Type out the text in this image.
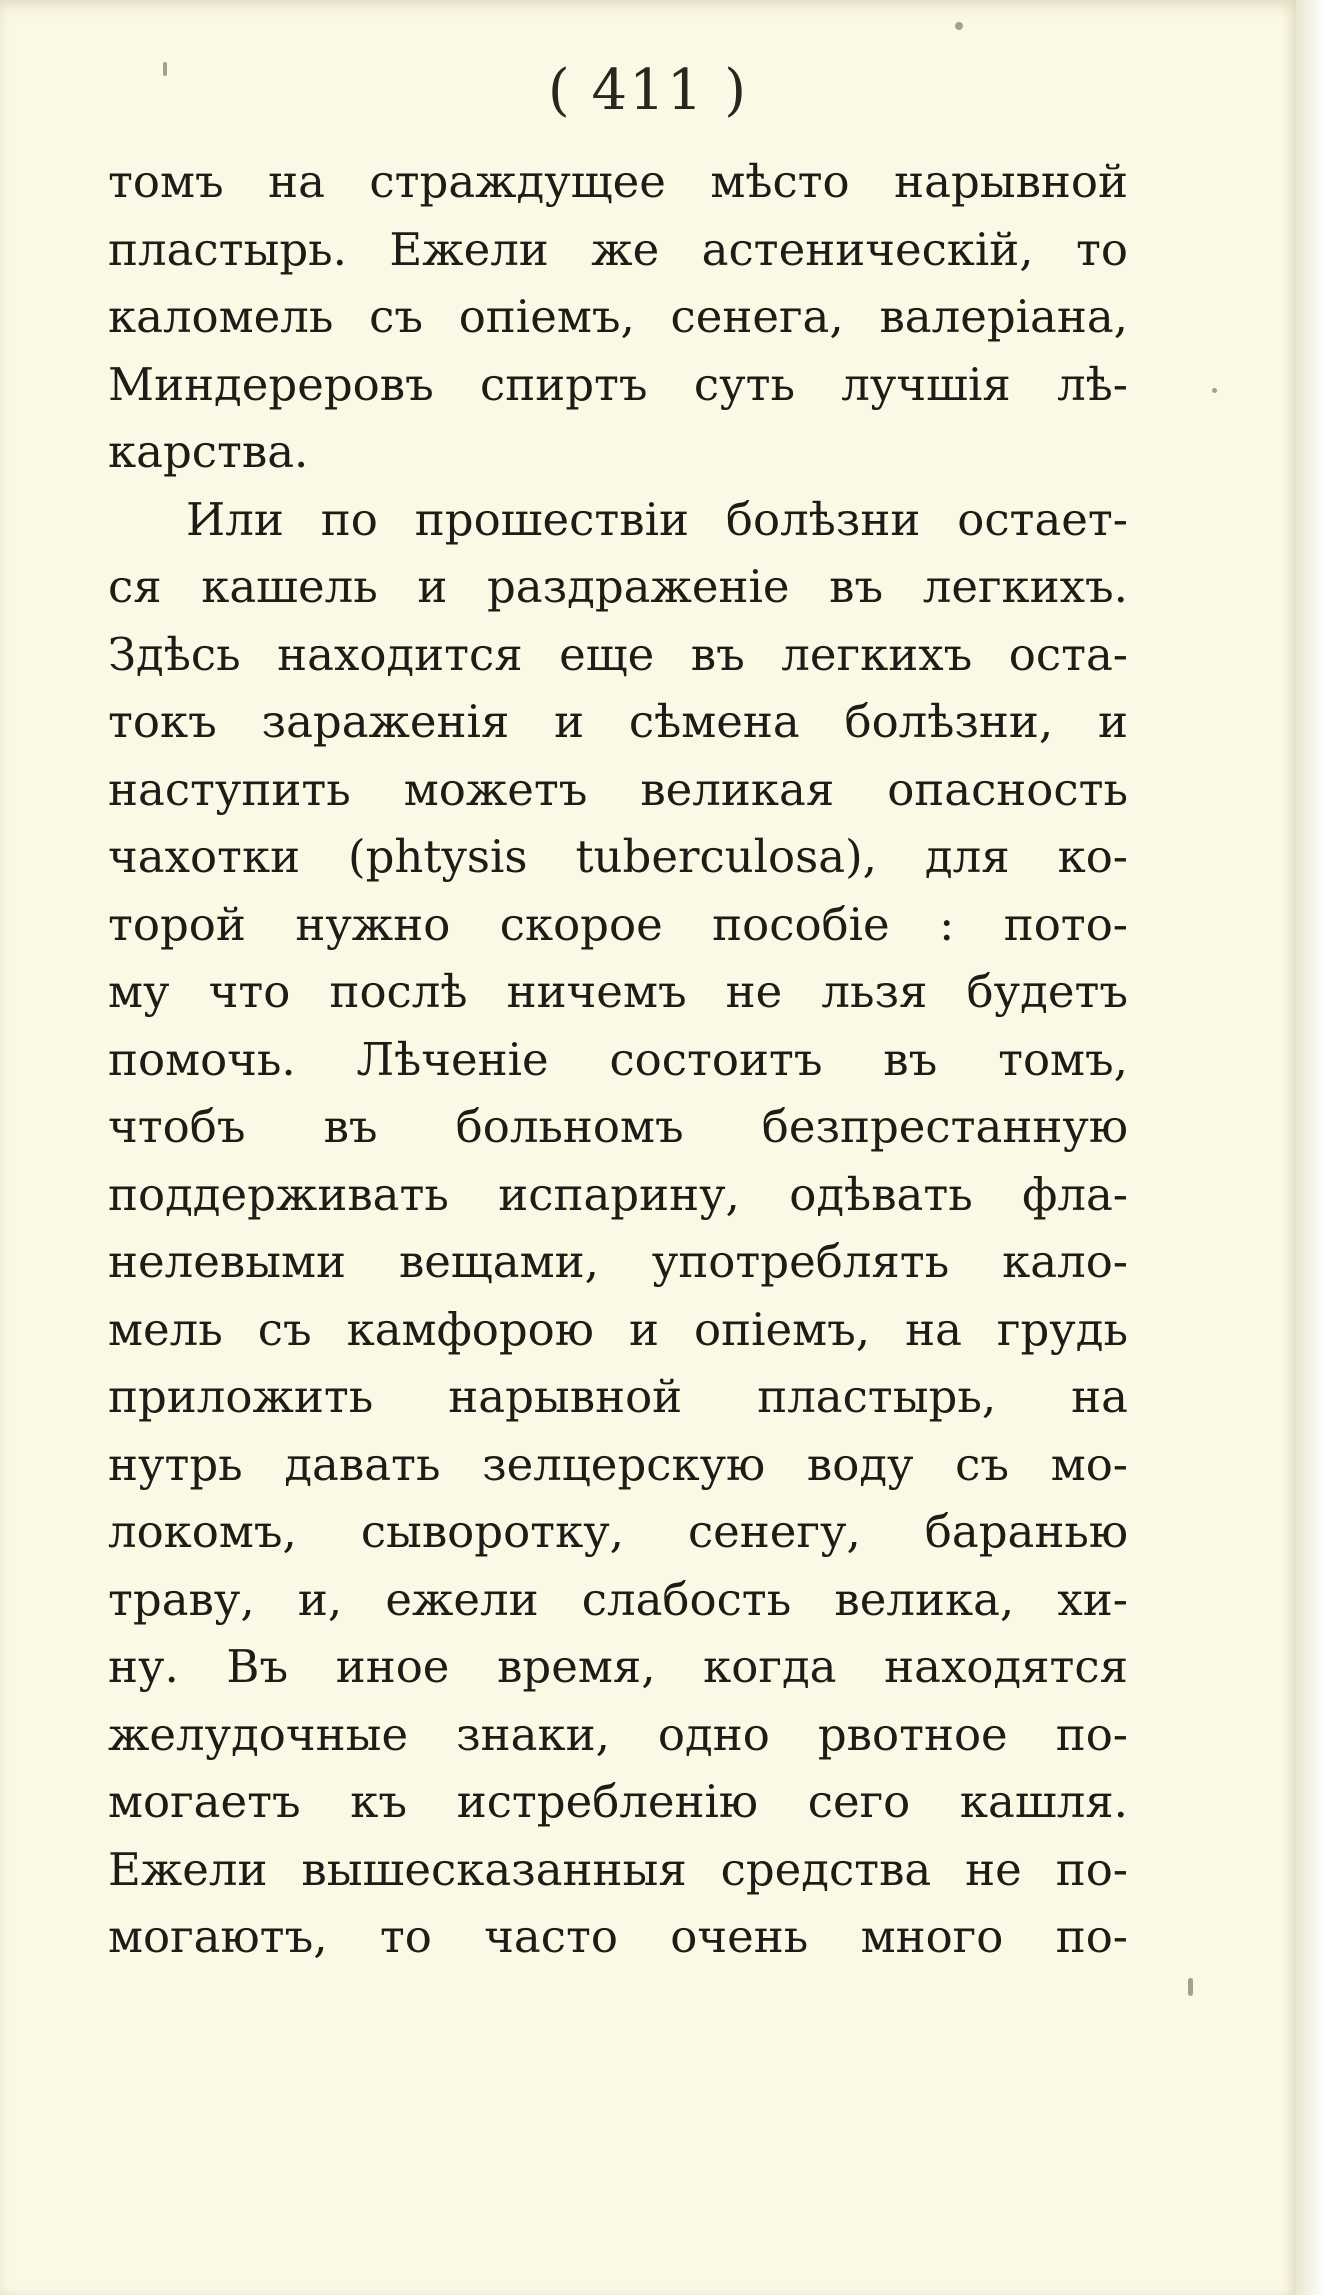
( 411 )
томъ на страждущее мѣсто нарывной
пластырь. Ежели же астеническій, то
каломель съ опіемъ, сенега, валеріана,
Миндереровъ спиртъ суть лучшія лѣ-
карства.
Или по прошествіи болѣзни остает-
ся кашель и раздраженіе въ легкихъ.
Здѣсь находится еще въ легкихъ оста-
токъ зараженія и сѣмена болѣзни, и
наступить можетъ великая опасность
чахотки (phtysis tuberculosa), для ко-
торой нужно скорое пособіе : пото-
му что послѣ ничемъ не льзя будетъ
помочь. Лѣченіе состоитъ въ томъ,
чтобъ въ больномъ безпрестанную
поддерживать испарину, одѣвать фла-
нелевыми вещами, употреблять кало-
мель съ камфорою и опіемъ, на грудь
приложить нарывной пластырь, на
нутрь давать зелцерскую воду съ мо-
локомъ, сывоpотку, сенегу, баранью
траву, и, ежели слабость велика, хи-
ну. Въ иное время, когда находятся
желудочные знаки, одно рвотное по-
могаетъ къ истребленію сего кашля.
Ежели вышесказанныя средства не по-
могаютъ, то часто очень много по-
